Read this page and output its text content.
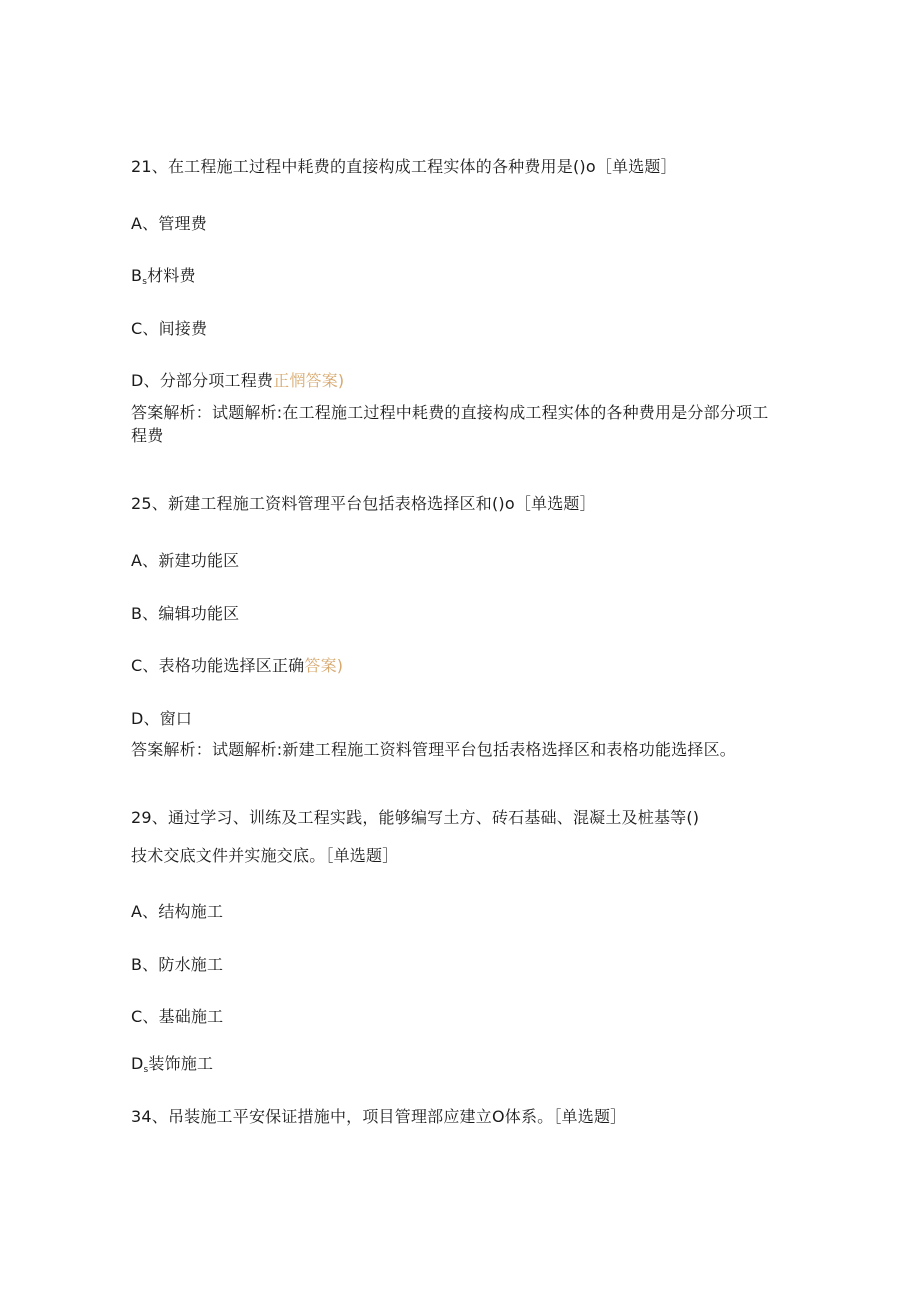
21、在工程施工过程中耗费的直接构成工程实体的各种费用是()o［单选题］
A、管理费
$B_s$材料费
C、间接费
D、分部分项工程费正惘答案)
答案解析：试题解析:在工程施工过程中耗费的直接构成工程实体的各种费用是分部分项工程费
25、新建工程施工资料管理平台包括表格选择区和()o［单选题］
A、新建功能区
B、编辑功能区
C、表格功能选择区正确答案)
D、窗口
答案解析：试题解析:新建工程施工资料管理平台包括表格选择区和表格功能选择区。
29、通过学习、训练及工程实践，能够编写土方、砖石基础、混凝土及桩基等()
技术交底文件并实施交底。［单选题］
A、结构施工
B、防水施工
C、基础施工
$D_s$装饰施工
34、吊装施工平安保证措施中，项目管理部应建立O体系。［单选题］
